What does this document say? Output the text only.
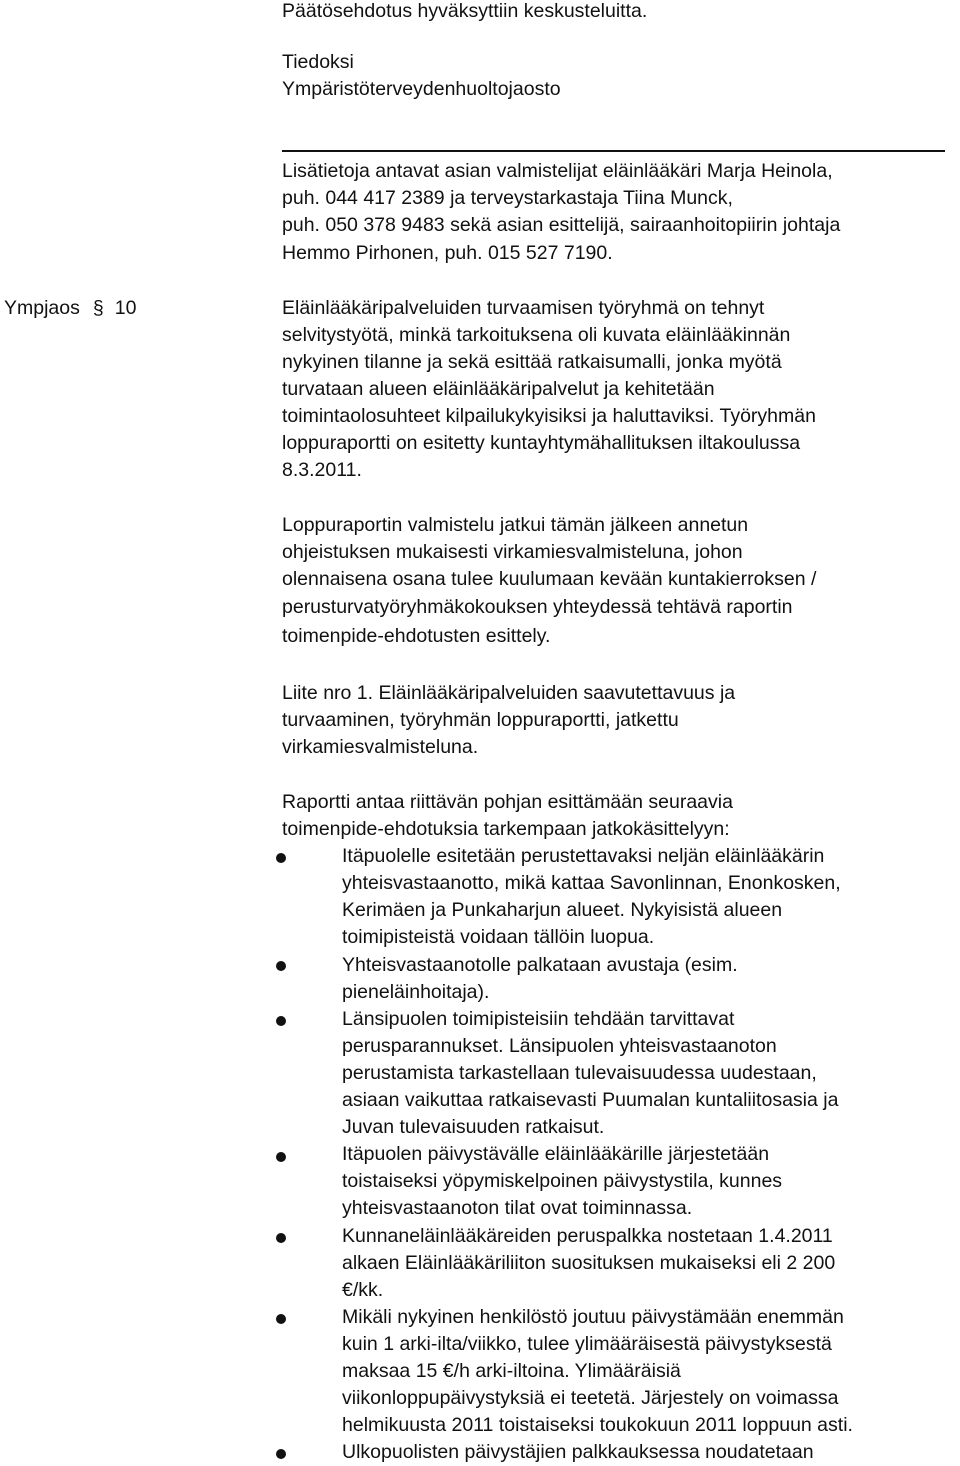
Päätösehdotus hyväksyttiin keskusteluitta.
Tiedoksi
Ympäristöterveydenhuoltojaosto
Lisätietoja antavat asian valmistelijat eläinlääkäri Marja Heinola,
puh. 044 417 2389 ja terveystarkastaja Tiina Munck,
puh. 050 378 9483 sekä asian esittelijä, sairaanhoitopiirin johtaja
Hemmo Pirhonen, puh. 015 527 7190.
Ympjaos § 10	Eläinlääkäripalveluiden turvaamisen työryhmä on tehnyt
selvitystyötä, minkä tarkoituksena oli kuvata eläinlääkinnän
nykyinen tilanne ja sekä esittää ratkaisumalli, jonka myötä
turvataan alueen eläinlääkäripalvelut ja kehitetään
toimintaolosuhteet kilpailukykyisiksi ja haluttaviksi. Työryhmän
loppuraportti on esitetty kuntayhtymähallituksen iltakoulussa
8.3.2011.
Loppuraportin valmistelu jatkui tämän jälkeen annetun
ohjeistuksen mukaisesti virkamiesvalmisteluna, johon
olennaisena osana tulee kuulumaan kevään kuntakierroksen /
perusturvatyöryhmäkokouksen yhteydessä tehtävä raportin
toimenpide-ehdotusten esittely.
Liite nro 1. Eläinlääkäripalveluiden saavutettavuus ja
turvaaminen, työryhmän loppuraportti, jatkettu
virkamiesvalmisteluna.
Raportti antaa riittävän pohjan esittämään seuraavia
toimenpide-ehdotuksia tarkempaan jatkokäsittelyyn:
Itäpuolelle esitetään perustettavaksi neljän eläinlääkärin
yhteisvastaanotto, mikä kattaa Savonlinnan, Enonkosken,
Kerimäen ja Punkaharjun alueet. Nykyisistä alueen
toimipisteistä voidaan tällöin luopua.
Yhteisvastaanotolle palkataan avustaja (esim.
pieneläinhoitaja).
Länsipuolen toimipisteisiin tehdään tarvittavat
perusparannukset. Länsipuolen yhteisvastaanoton
perustamista tarkastellaan tulevaisuudessa uudestaan,
asiaan vaikuttaa ratkaisevasti Puumalan kuntaliitosasia ja
Juvan tulevaisuuden ratkaisut.
Itäpuolen päivystävälle eläinlääkärille järjestetään
toistaiseksi yöpymiskelpoinen päivystystila, kunnes
yhteisvastaanoton tilat ovat toiminnassa.
Kunnaneläinlääkäreiden peruspalkka nostetaan 1.4.2011
alkaen Eläinlääkäriliiton suosituksen mukaiseksi eli 2 200
€/kk.
Mikäli nykyinen henkilöstö joutuu päivystämään enemmän
kuin 1 arki-ilta/viikko, tulee ylimääräisestä päivystyksestä
maksaa 15 €/h arki-iltoina. Ylimääräisiä
viikonloppupäivystyksiä ei teetetä. Järjestely on voimassa
helmikuusta 2011 toistaiseksi toukokuun 2011 loppuun asti.
Ulkopuolisten päivystäjien palkkauksessa noudatetaan
